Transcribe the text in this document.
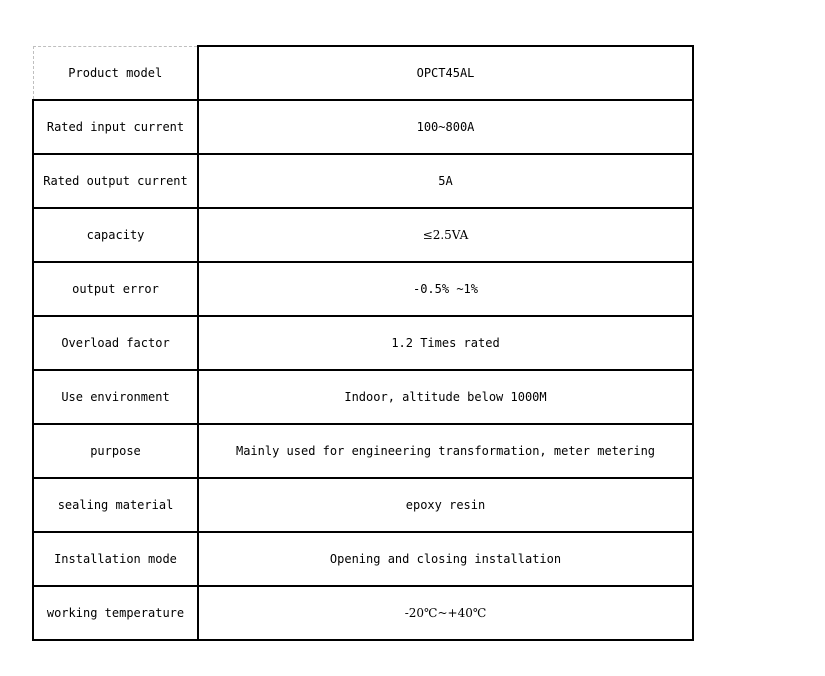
Product model	OPCT45AL
Rated input current	100~800A
Rated output current	5A
capacity	≤2.5VA
output error	-0.5% ~1%
Overload factor	1.2 Times rated
Use environment	Indoor, altitude below 1000M
purpose	Mainly used for engineering transformation, meter metering
sealing material	epoxy resin
Installation mode	Opening and closing installation
working temperature	-20℃~+40℃
